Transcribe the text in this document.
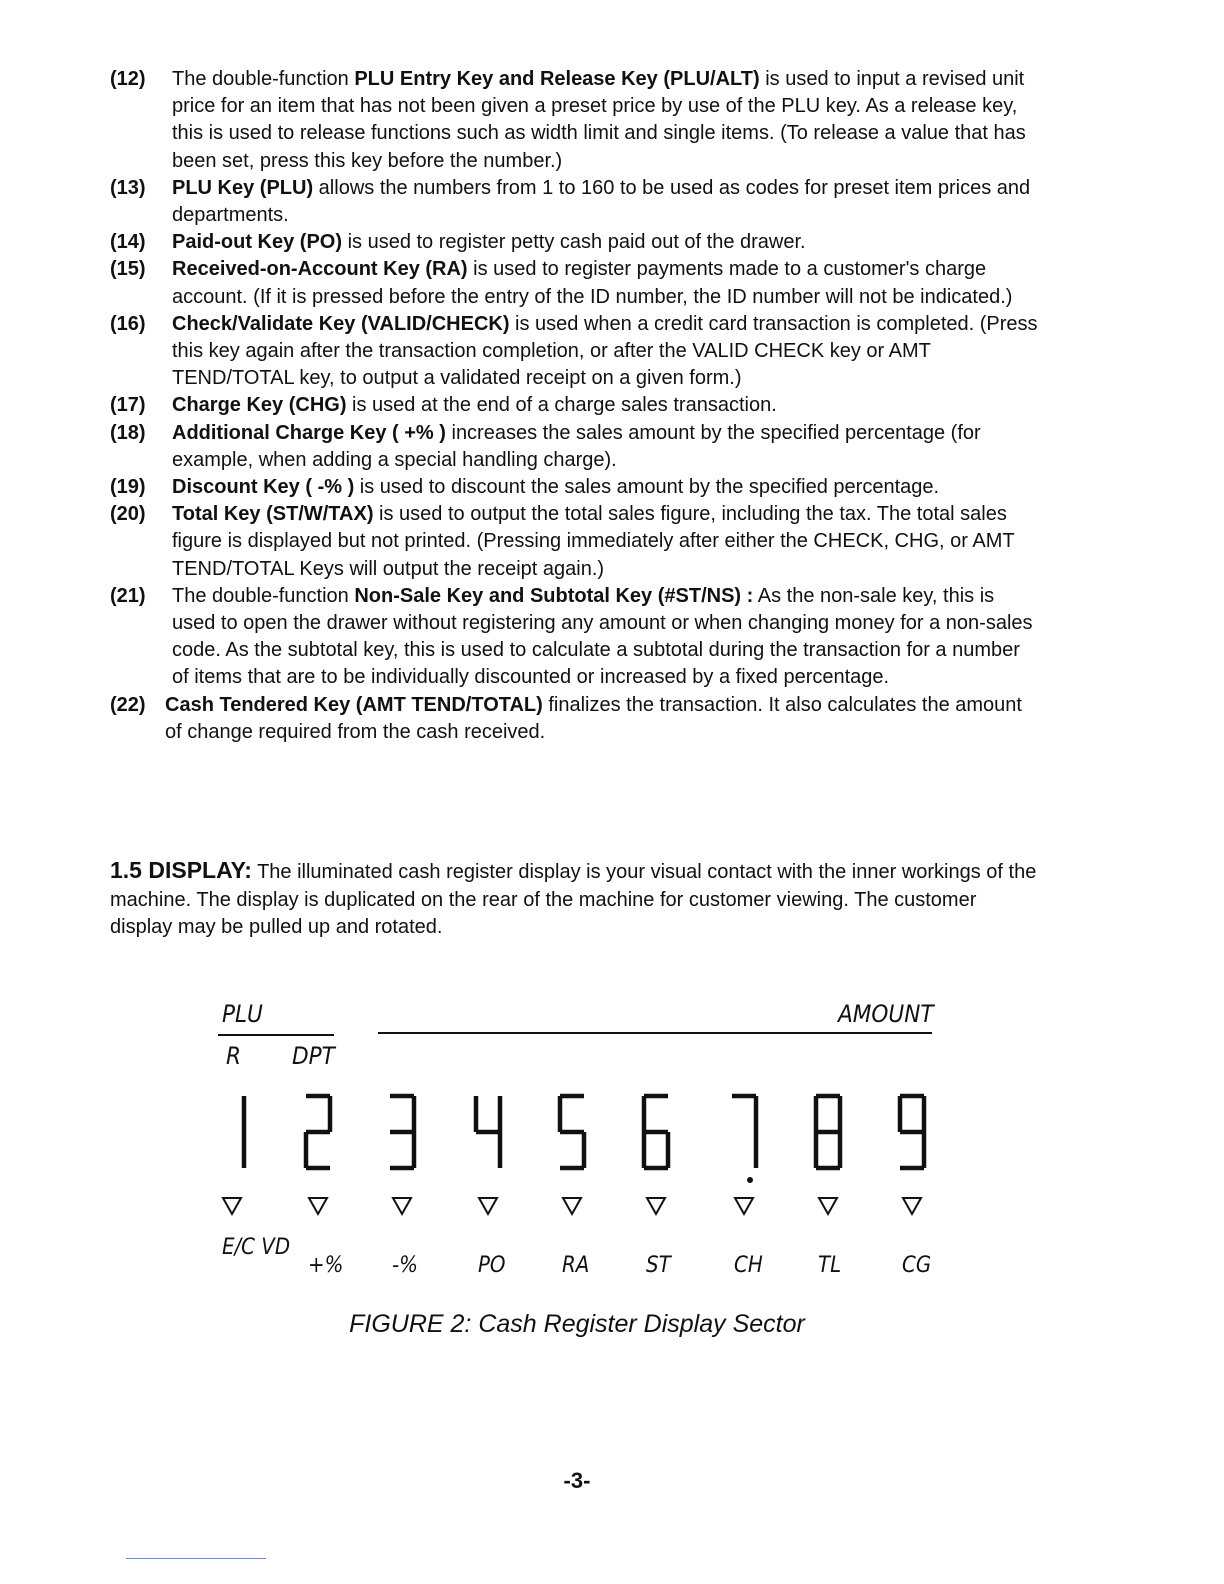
(12)	The double-function PLU Entry Key and Release Key (PLU/ALT) is used to input a revised unit price for an item that has not been given a preset price by use of the PLU key. As a release key, this is used to release functions such as width limit and single items. (To release a value that has been set, press this key before the number.)
(13)	PLU Key (PLU) allows the numbers from 1 to 160 to be used as codes for preset item prices and departments.
(14)	Paid-out Key (PO) is used to register petty cash paid out of the drawer.
(15)	Received-on-Account Key (RA) is used to register payments made to a customer's charge account. (If it is pressed before the entry of the ID number, the ID number will not be indicated.)
(16)	Check/Validate Key (VALID/CHECK) is used when a credit card transaction is completed. (Press this key again after the transaction completion, or after the VALID CHECK key or AMT TEND/TOTAL key, to output a validated receipt on a given form.)
(17)	Charge Key (CHG) is used at the end of a charge sales transaction.
(18)	Additional Charge Key ( +% ) increases the sales amount by the specified percentage (for example, when adding a special handling charge).
(19)	Discount Key ( -% ) is used to discount the sales amount by the specified percentage.
(20)	Total Key (ST/W/TAX) is used to output the total sales figure, including the tax. The total sales figure is displayed but not printed. (Pressing immediately after either the CHECK, CHG, or AMT TEND/TOTAL Keys will output the receipt again.)
(21)	The double-function Non-Sale Key and Subtotal Key (#ST/NS) : As the non-sale key, this is used to open the drawer without registering any amount or when changing money for a non-sales code. As the subtotal key, this is used to calculate a subtotal during the transaction for a number of items that are to be individually discounted or increased by a fixed percentage.
(22) Cash Tendered Key (AMT TEND/TOTAL) finalizes the transaction. It also calculates the amount of change required from the cash received.
1.5 DISPLAY: The illuminated cash register display is your visual contact with the inner workings of the machine. The display is duplicated on the rear of the machine for customer viewing. The customer display may be pulled up and rotated.
PLU	AMOUNT
R DPT
E/C VD
+% -%	PO	RA	ST	CH	TL	CG
FIGURE 2: Cash Register Display Sector
-3-
